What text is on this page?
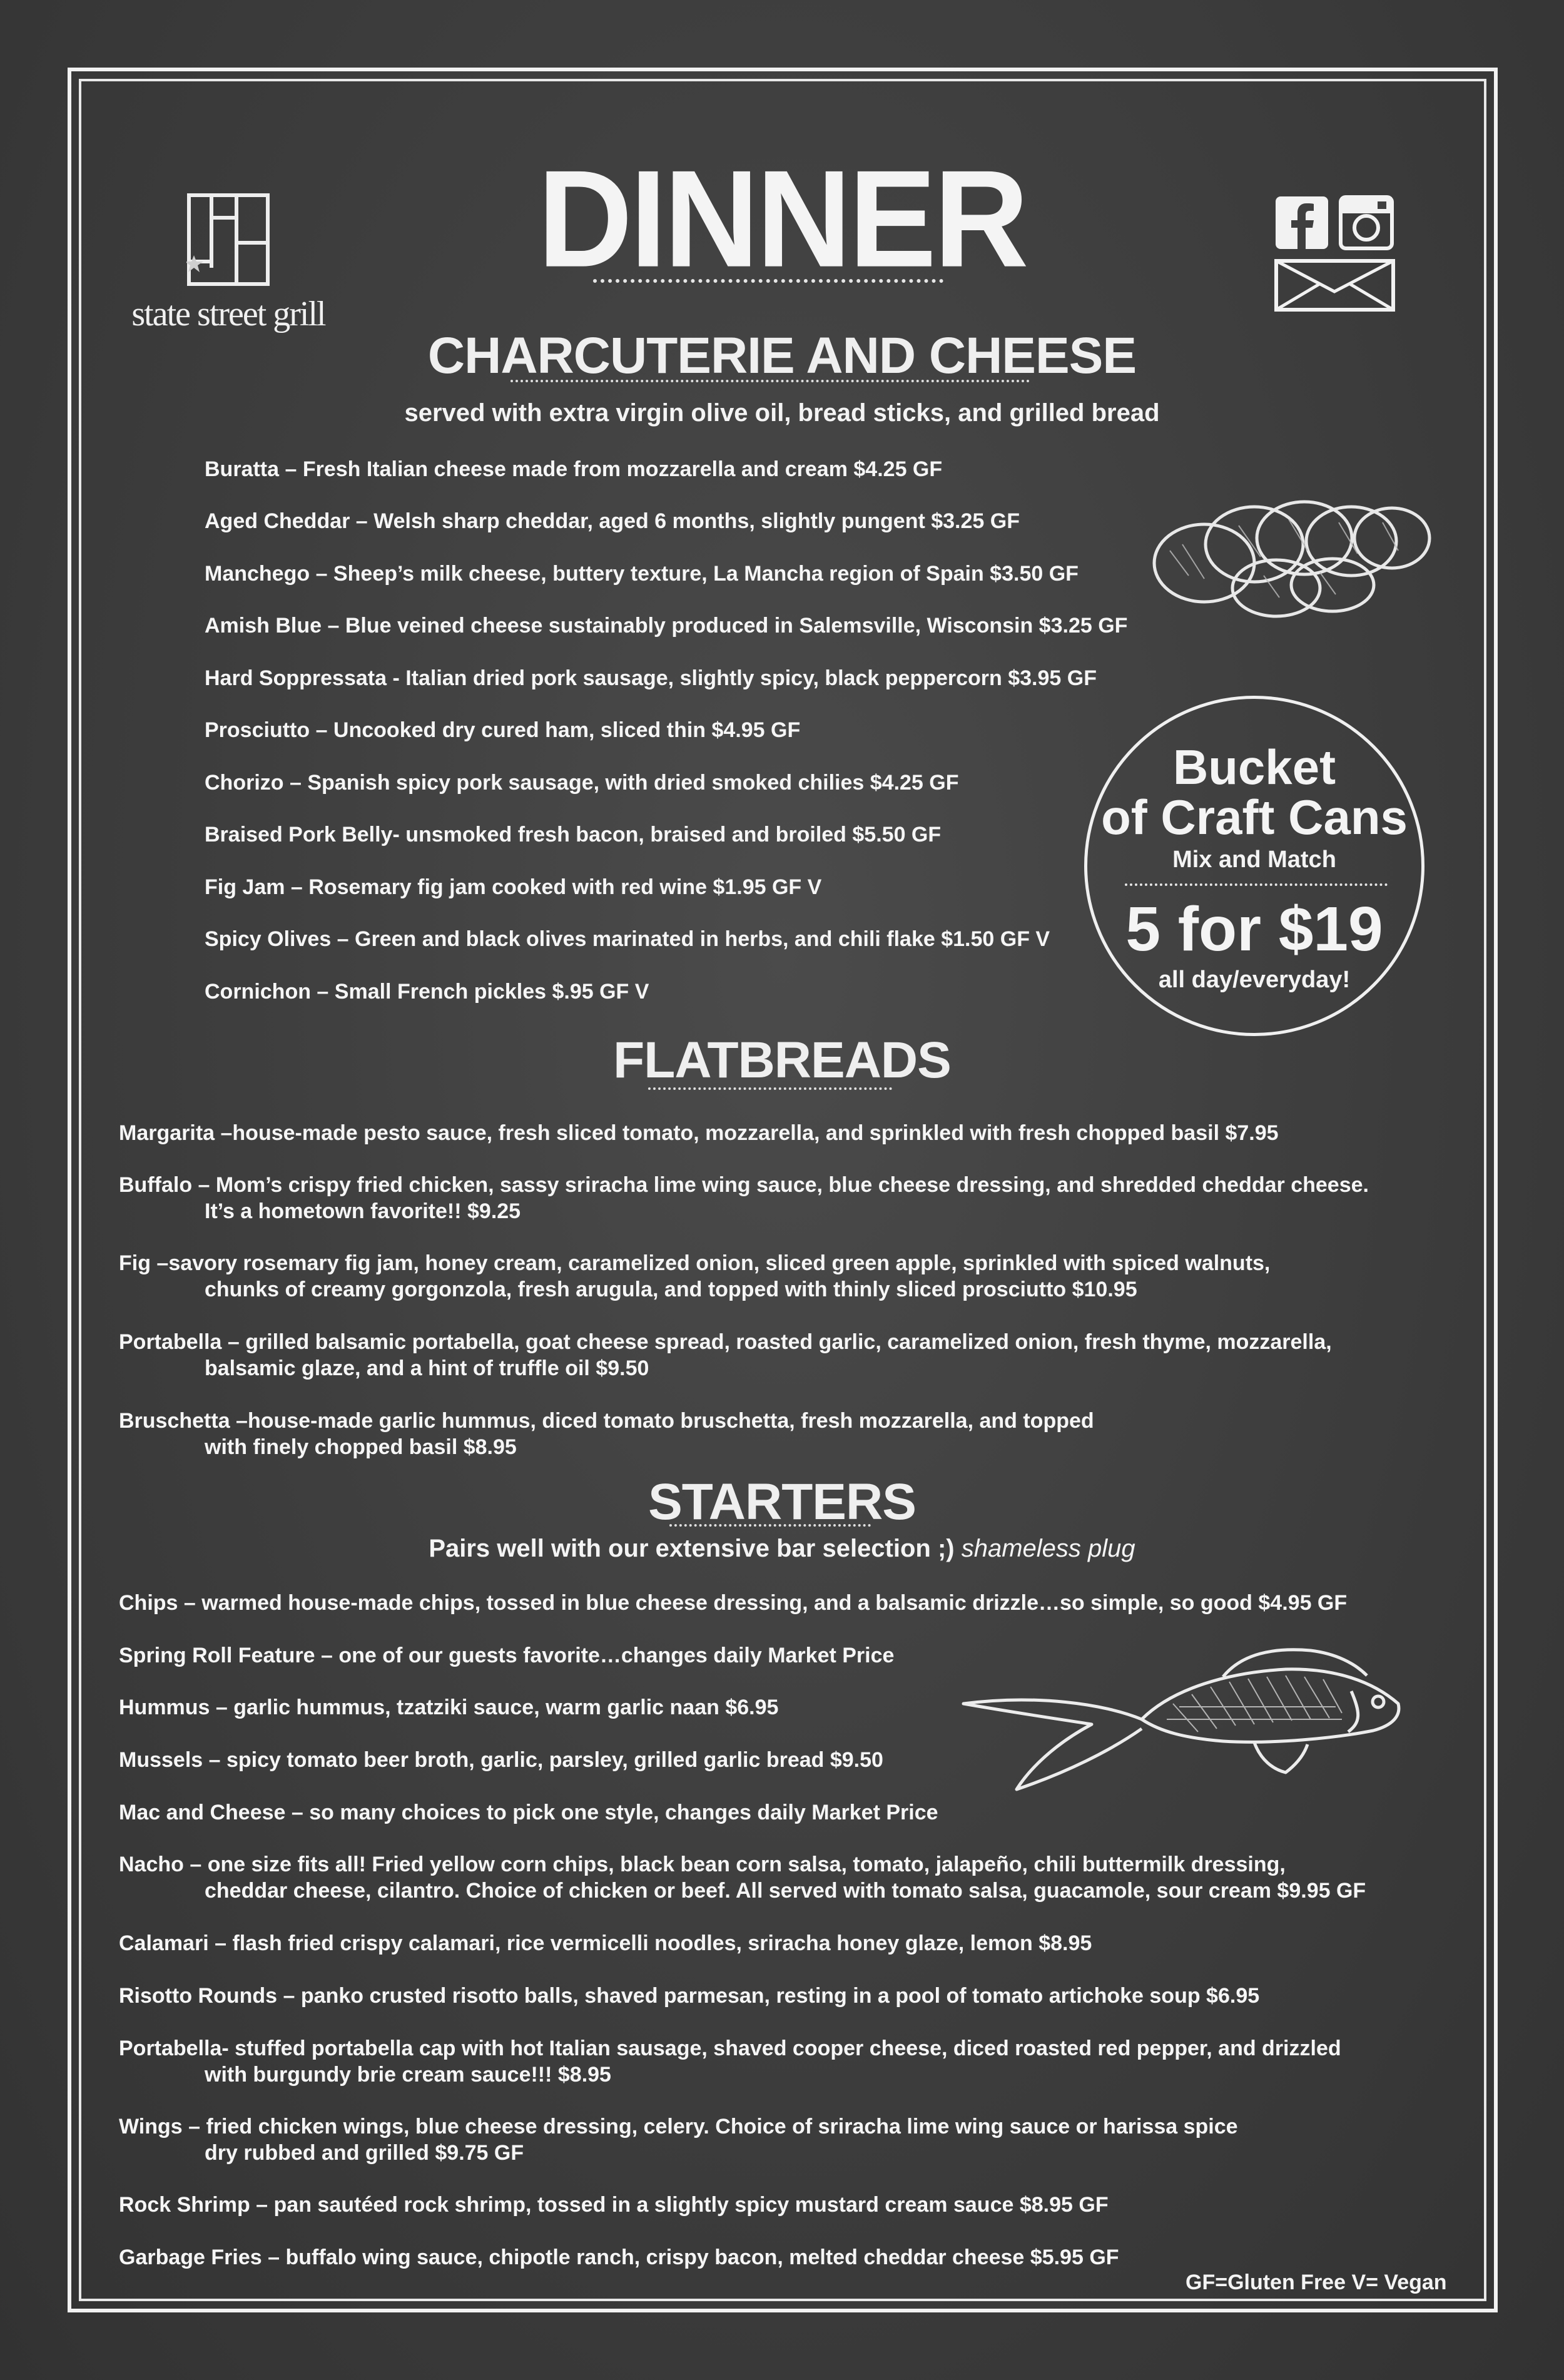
state street grill
DINNER
CHARCUTERIE AND CHEESE
served with extra virgin olive oil, bread sticks, and grilled bread
Buratta – Fresh Italian cheese made from mozzarella and cream $4.25 GF
Aged Cheddar – Welsh sharp cheddar, aged 6 months, slightly pungent $3.25 GF
Manchego – Sheep’s milk cheese, buttery texture, La Mancha region of Spain $3.50 GF
Amish Blue – Blue veined cheese sustainably produced in Salemsville, Wisconsin $3.25 GF
Hard Soppressata - Italian dried pork sausage, slightly spicy, black peppercorn $3.95 GF
Prosciutto – Uncooked dry cured ham, sliced thin $4.95 GF
Chorizo – Spanish spicy pork sausage, with dried smoked chilies $4.25 GF
Braised Pork Belly- unsmoked fresh bacon, braised and broiled $5.50 GF
Fig Jam – Rosemary fig jam cooked with red wine $1.95 GF V
Spicy Olives – Green and black olives marinated in herbs, and chili flake $1.50 GF V
Cornichon – Small French pickles $.95 GF V
Bucket
of Craft Cans
Mix and Match
5 for $19
all day/everyday!
FLATBREADS
Margarita –house-made pesto sauce, fresh sliced tomato, mozzarella, and sprinkled with fresh chopped basil $7.95
Buffalo – Mom’s crispy fried chicken, sassy sriracha lime wing sauce, blue cheese dressing, and shredded cheddar cheese.
It’s a hometown favorite!! $9.25
Fig –savory rosemary fig jam, honey cream, caramelized onion, sliced green apple, sprinkled with spiced walnuts,
chunks of creamy gorgonzola, fresh arugula, and topped with thinly sliced prosciutto $10.95
Portabella – grilled balsamic portabella, goat cheese spread, roasted garlic, caramelized onion, fresh thyme, mozzarella,
balsamic glaze, and a hint of truffle oil $9.50
Bruschetta –house-made garlic hummus, diced tomato bruschetta, fresh mozzarella, and topped
with finely chopped basil $8.95
STARTERS
Pairs well with our extensive bar selection ;) shameless plug
Chips – warmed house-made chips, tossed in blue cheese dressing, and a balsamic drizzle…so simple, so good $4.95 GF
Spring Roll Feature – one of our guests favorite…changes daily Market Price
Hummus – garlic hummus, tzatziki sauce, warm garlic naan $6.95
Mussels – spicy tomato beer broth, garlic, parsley, grilled garlic bread $9.50
Mac and Cheese – so many choices to pick one style, changes daily Market Price
Nacho – one size fits all! Fried yellow corn chips, black bean corn salsa, tomato, jalapeño, chili buttermilk dressing,
cheddar cheese, cilantro. Choice of chicken or beef. All served with tomato salsa, guacamole, sour cream $9.95 GF
Calamari – flash fried crispy calamari, rice vermicelli noodles, sriracha honey glaze, lemon $8.95
Risotto Rounds – panko crusted risotto balls, shaved parmesan, resting in a pool of tomato artichoke soup $6.95
Portabella- stuffed portabella cap with hot Italian sausage, shaved cooper cheese, diced roasted red pepper, and drizzled
with burgundy brie cream sauce!!! $8.95
Wings – fried chicken wings, blue cheese dressing, celery. Choice of sriracha lime wing sauce or harissa spice
dry rubbed and grilled $9.75 GF
Rock Shrimp – pan sautéed rock shrimp, tossed in a slightly spicy mustard cream sauce $8.95 GF
Garbage Fries – buffalo wing sauce, chipotle ranch, crispy bacon, melted cheddar cheese $5.95 GF
GF=Gluten Free V= Vegan
